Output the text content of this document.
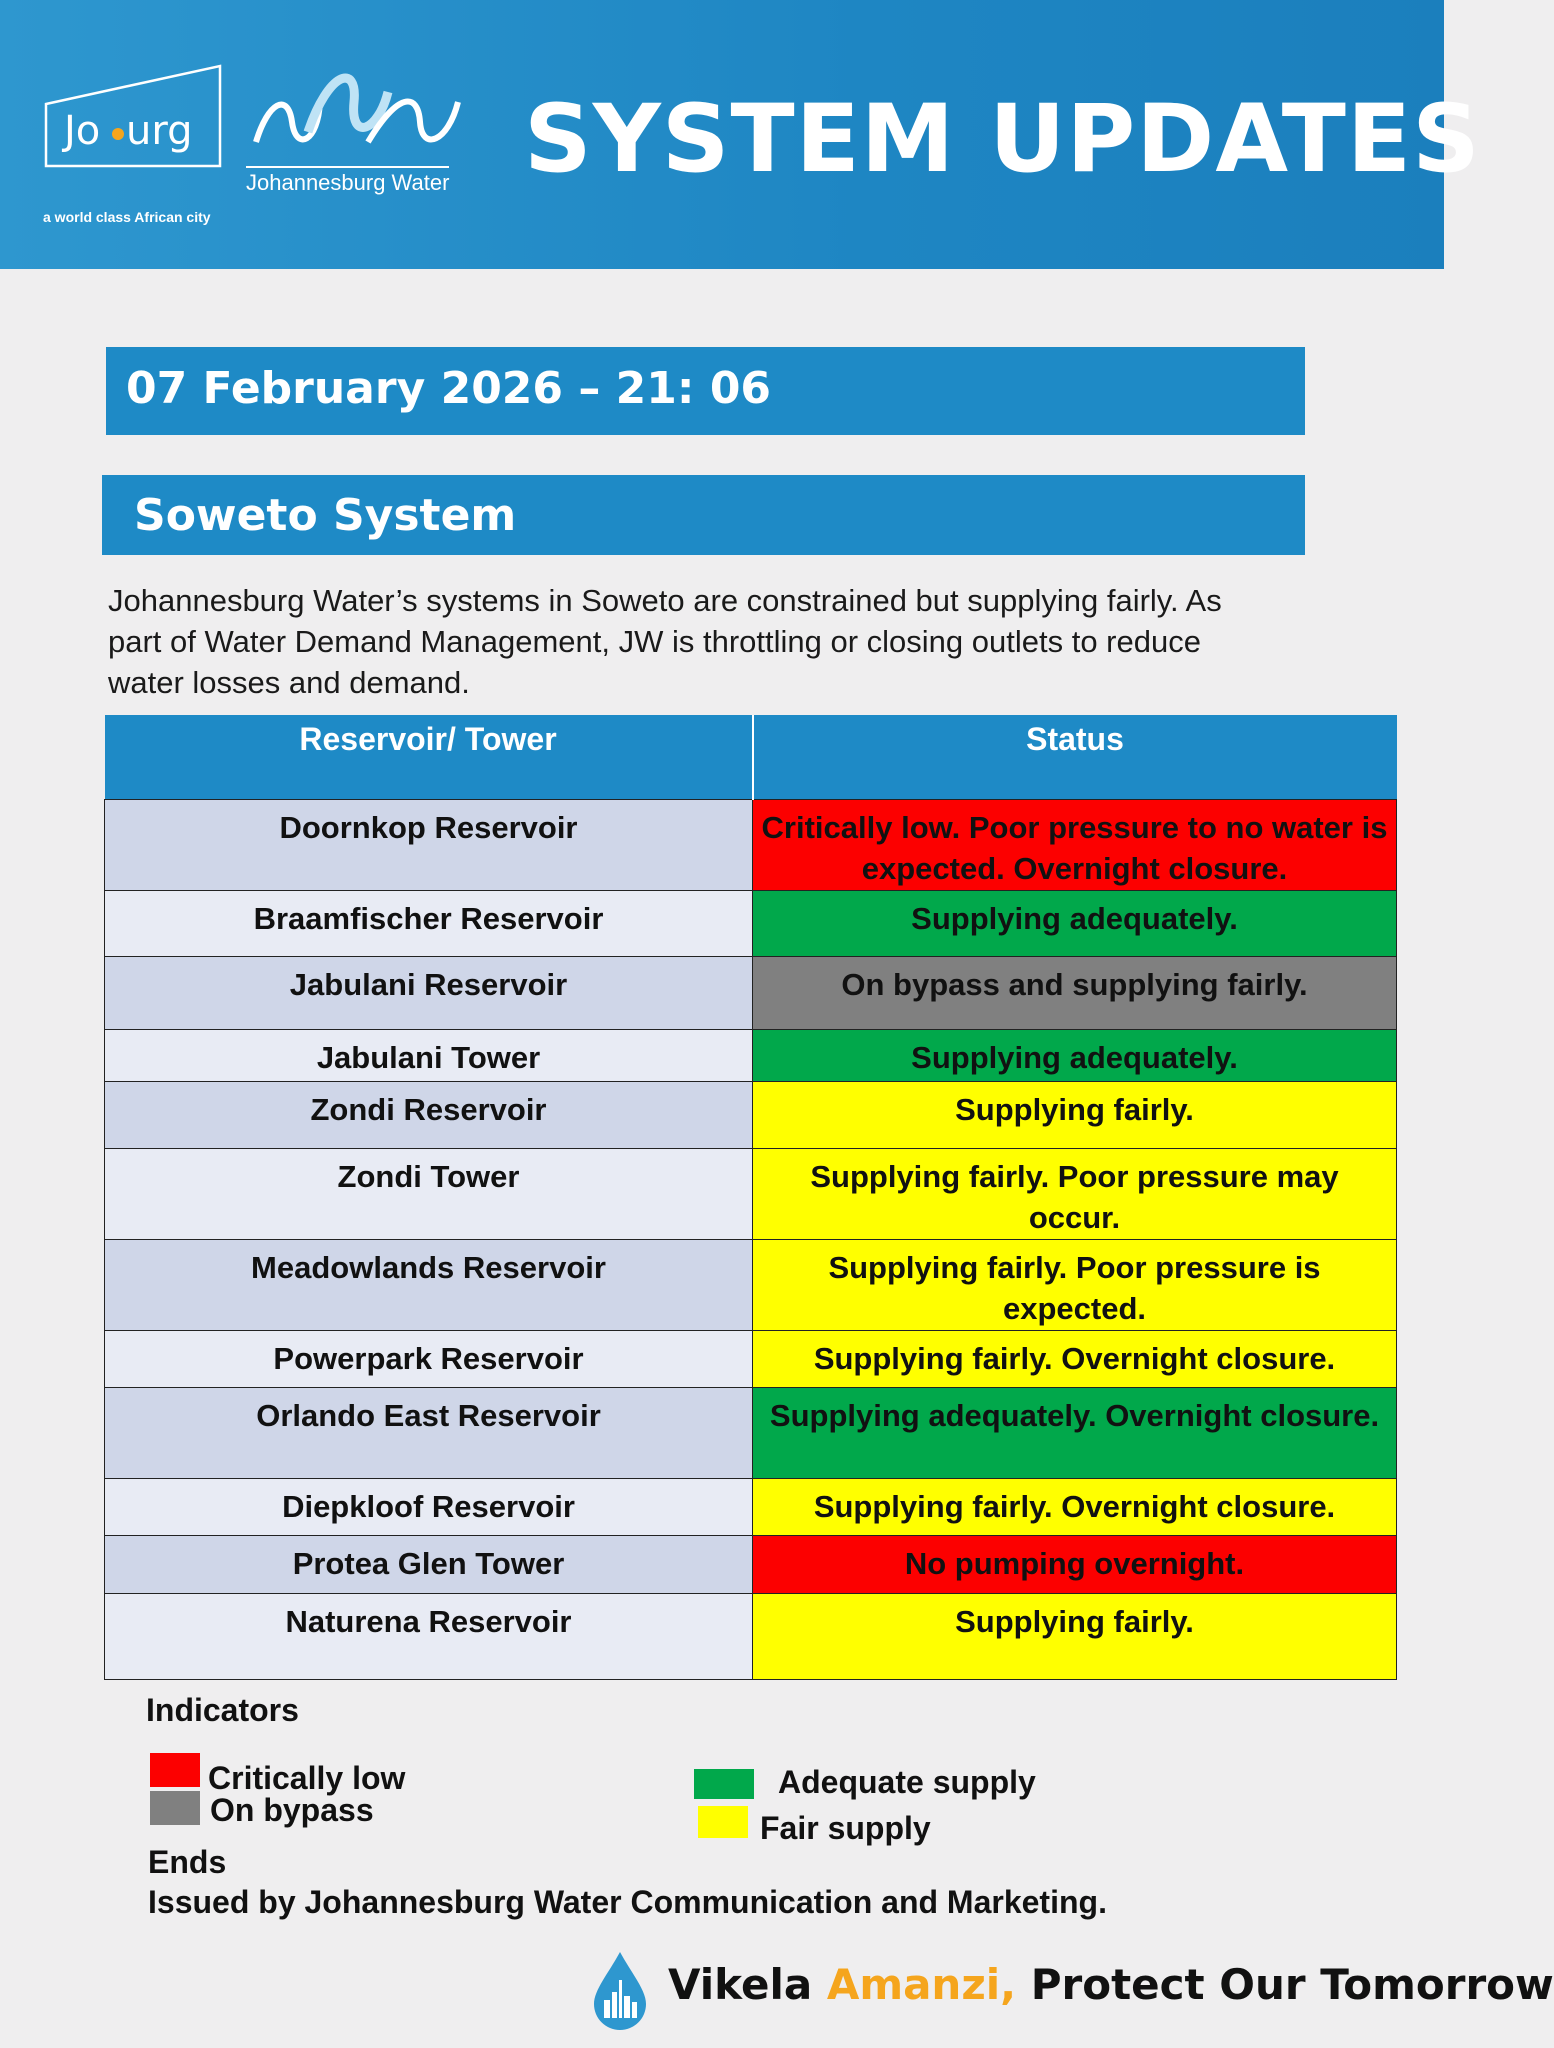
Jo urg
a world class African city
Johannesburg Water SYSTEM UPDATES
07 February 2026 – 21: 06
Soweto System
Johannesburg Water’s systems in Soweto are constrained but supplying fairly. As part of Water Demand Management, JW is throttling or closing outlets to reduce water losses and demand.
Reservoir/ Tower	Status
Doornkop Reservoir	Critically low. Poor pressure to no water is expected. Overnight closure.
Braamfischer Reservoir	Supplying adequately.
Jabulani Reservoir	On bypass and supplying fairly.
Jabulani Tower	Supplying adequately.
Zondi Reservoir	Supplying fairly.
Zondi Tower	Supplying fairly. Poor pressure may occur.
Meadowlands Reservoir	Supplying fairly. Poor pressure is expected.
Powerpark Reservoir	Supplying fairly. Overnight closure.
Orlando East Reservoir	Supplying adequately. Overnight closure.
Diepkloof Reservoir	Supplying fairly. Overnight closure.
Protea Glen Tower	No pumping overnight.
Naturena Reservoir	Supplying fairly.
Indicators
Critically low
On bypass
Adequate supply
Fair supply
Ends
Issued by Johannesburg Water Communication and Marketing.
Vikela Amanzi, Protect Our Tomorrow
